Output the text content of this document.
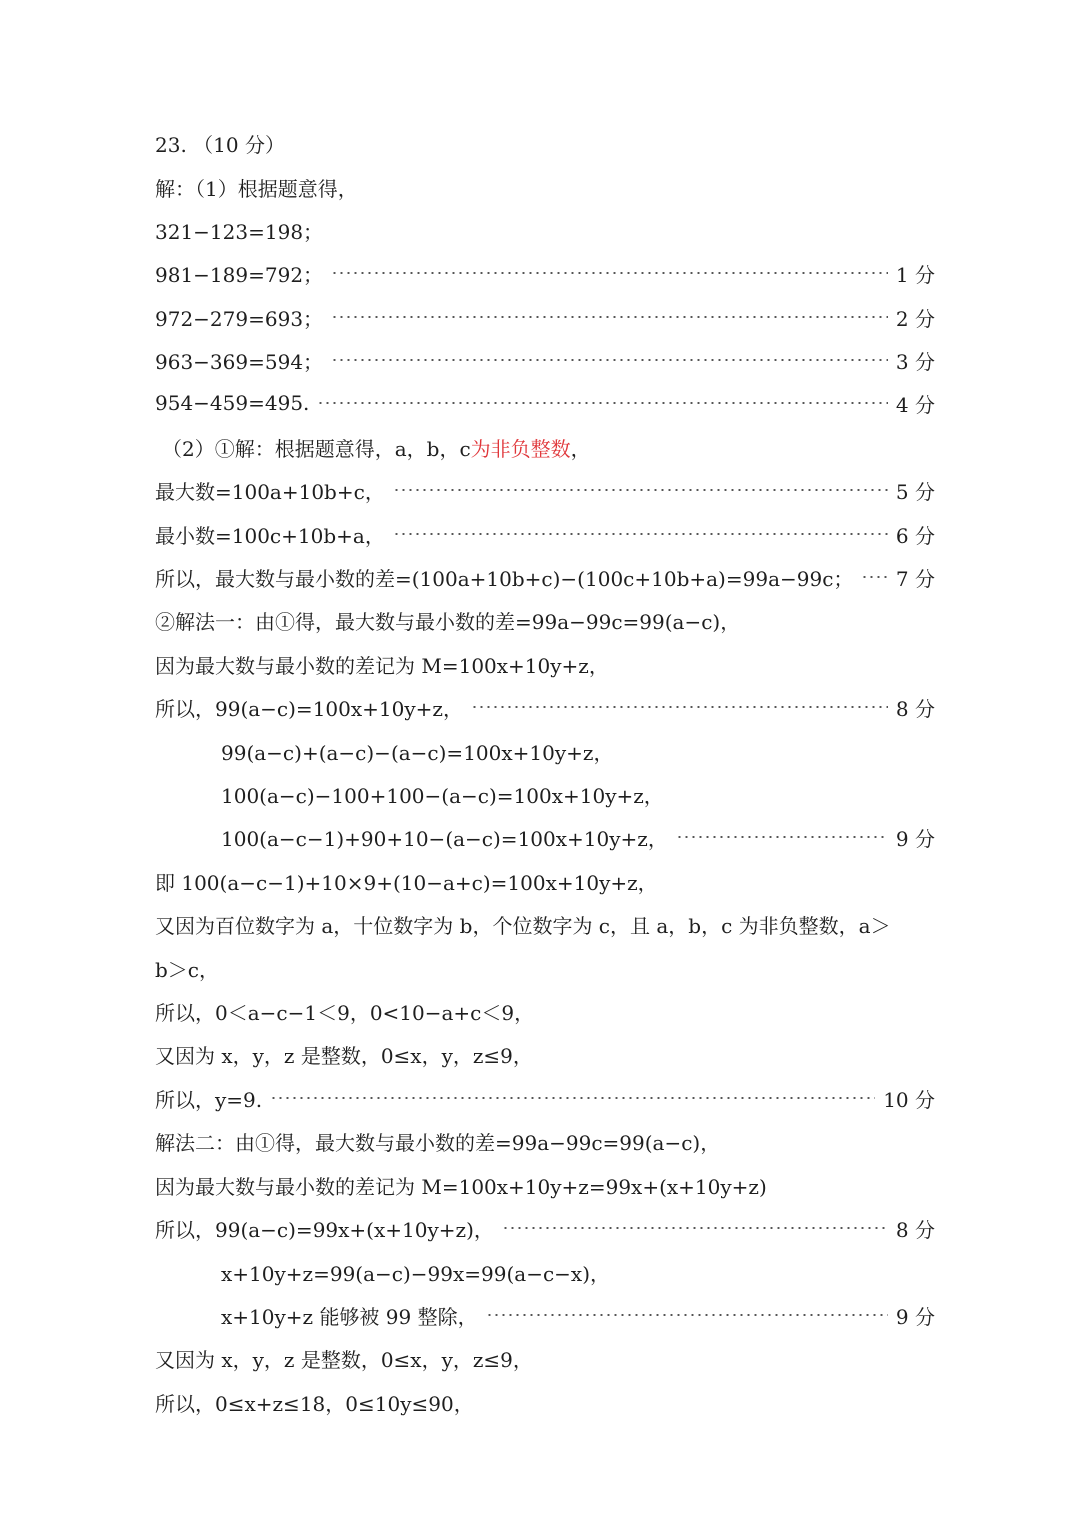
23. （10 分）
解：（1）根据题意得，
321−123=198；
981−189=792；	1 分
972−279=693；	2 分
963−369=594；	3 分
954−459=495.	4 分
（2）①解：根据题意得，a，b，c 为非负整数 ，
最大数=100a+10b+c，	5 分
最小数=100c+10b+a，	6 分
所以，最大数与最小数的差=(100a+10b+c)−(100c+10b+a)=99a−99c； 7 分
②解法一：由①得，最大数与最小数的差=99a−99c=99(a−c)，
因为最大数与最小数的差记为 M=100x+10y+z，
所以，99(a−c)=100x+10y+z，	8 分
99(a−c)+(a−c)−(a−c)=100x+10y+z，
100(a−c)−100+100−(a−c)=100x+10y+z，
100(a−c−1)+90+10−(a−c)=100x+10y+z，	9 分
即 100(a−c−1)+10×9+(10−a+c)=100x+10y+z，
又因为百位数字为 a，十位数字为 b，个位数字为 c，且 a，b，c 为非负整数，a＞
b＞c，
所以，0＜a−c−1＜9，0<10−a+c＜9，
又因为 x，y，z 是整数，0≤x，y，z≤9，
所以，y=9.	10 分
解法二：由①得，最大数与最小数的差=99a−99c=99(a−c)，
因为最大数与最小数的差记为 M=100x+10y+z=99x+(x+10y+z)
所以，99(a−c)=99x+(x+10y+z)，	8 分
x+10y+z=99(a−c)−99x=99(a−c−x)，
x+10y+z 能够被 99 整除，	9 分
又因为 x，y，z 是整数，0≤x，y，z≤9，
所以，0≤x+z≤18，0≤10y≤90，
